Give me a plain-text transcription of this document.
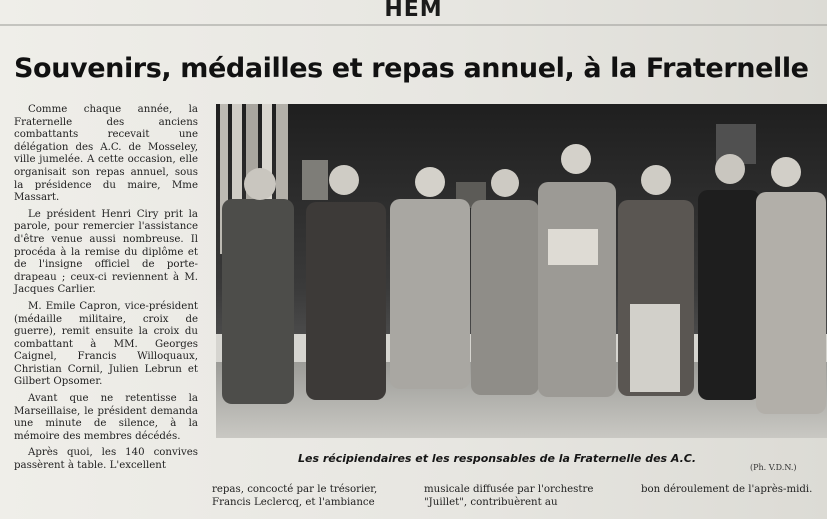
HEM
Souvenirs, médailles et repas annuel, à la Fraternelle

Comme chaque année, la Fraternelle des anciens combattants recevait une délégation des A.C. de Mosseley, ville jumelée. A cette occasion, elle organisait son repas annuel, sous la présidence du maire, Mme Massart.

Le président Henri Ciry prit la parole, pour remercier l'assistance d'être venue aussi nombreuse. Il procéda à la remise du diplôme et de l'insigne officiel de porte-drapeau ; ceux-ci reviennent à M. Jacques Carlier.

M. Emile Capron, vice-président (médaille militaire, croix de guerre), remit ensuite la croix du combattant à MM. Georges Caignel, Francis Willoquaux, Christian Cornil, Julien Lebrun et Gilbert Opsomer.

Avant que ne retentisse la Marseillaise, le président demanda une minute de silence, à la mémoire des membres décédés.

Après quoi, les 140 convives passèrent à table. L'excellent

Les récipiendaires et les responsables de la Fraternelle des A.C.
(Ph. V.D.N.)
repas, concocté par le trésorier, Francis Leclercq, et l'ambiance
musicale diffusée par l'orchestre "Juillet", contribuèrent au
bon déroulement de l'après-midi.
